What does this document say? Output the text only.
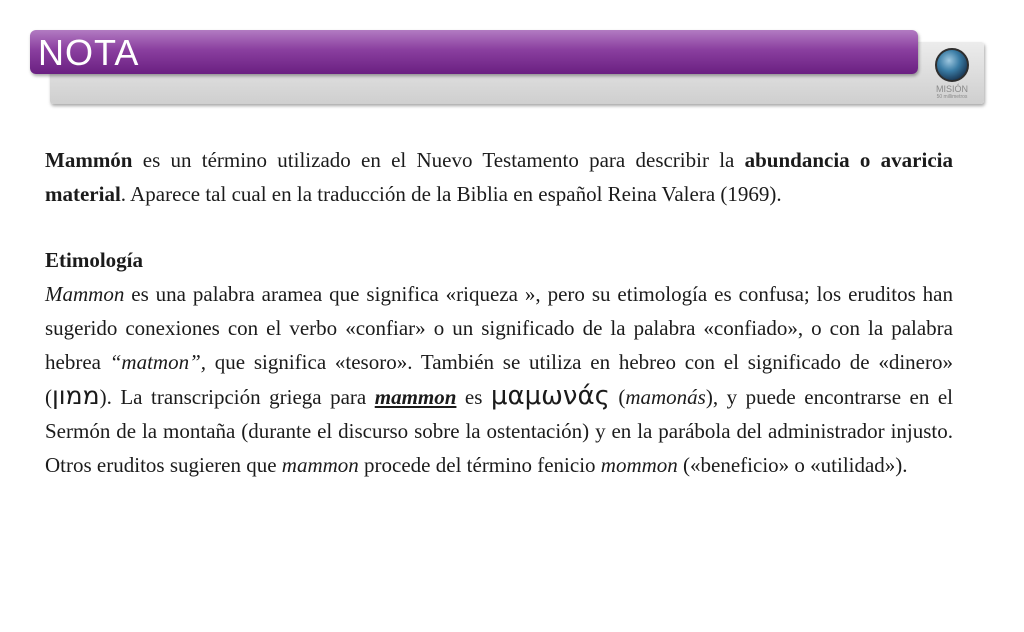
NOTA
MISIÓN
50 millimetros

Mammón es un término utilizado en el Nuevo Testamento para describir la abundancia o avaricia material. Aparece tal cual en la traducción de la Biblia en español Reina Valera (1969).

Etimología

Mammon es una palabra aramea que significa «riqueza », pero su etimología es confusa; los eruditos han sugerido conexiones con el verbo «confiar» o un significado de la palabra «confiado», o con la palabra hebrea “matmon”, que significa «tesoro». También se utiliza en hebreo con el significado de «dinero» (ממון). La transcripción griega para mammon es μαμωνάς (mamonás), y puede encontrarse en el Sermón de la montaña (durante el discurso sobre la ostentación) y en la parábola del administrador injusto. Otros eruditos sugieren que mammon procede del término fenicio mommon («beneficio» o «utilidad»).
